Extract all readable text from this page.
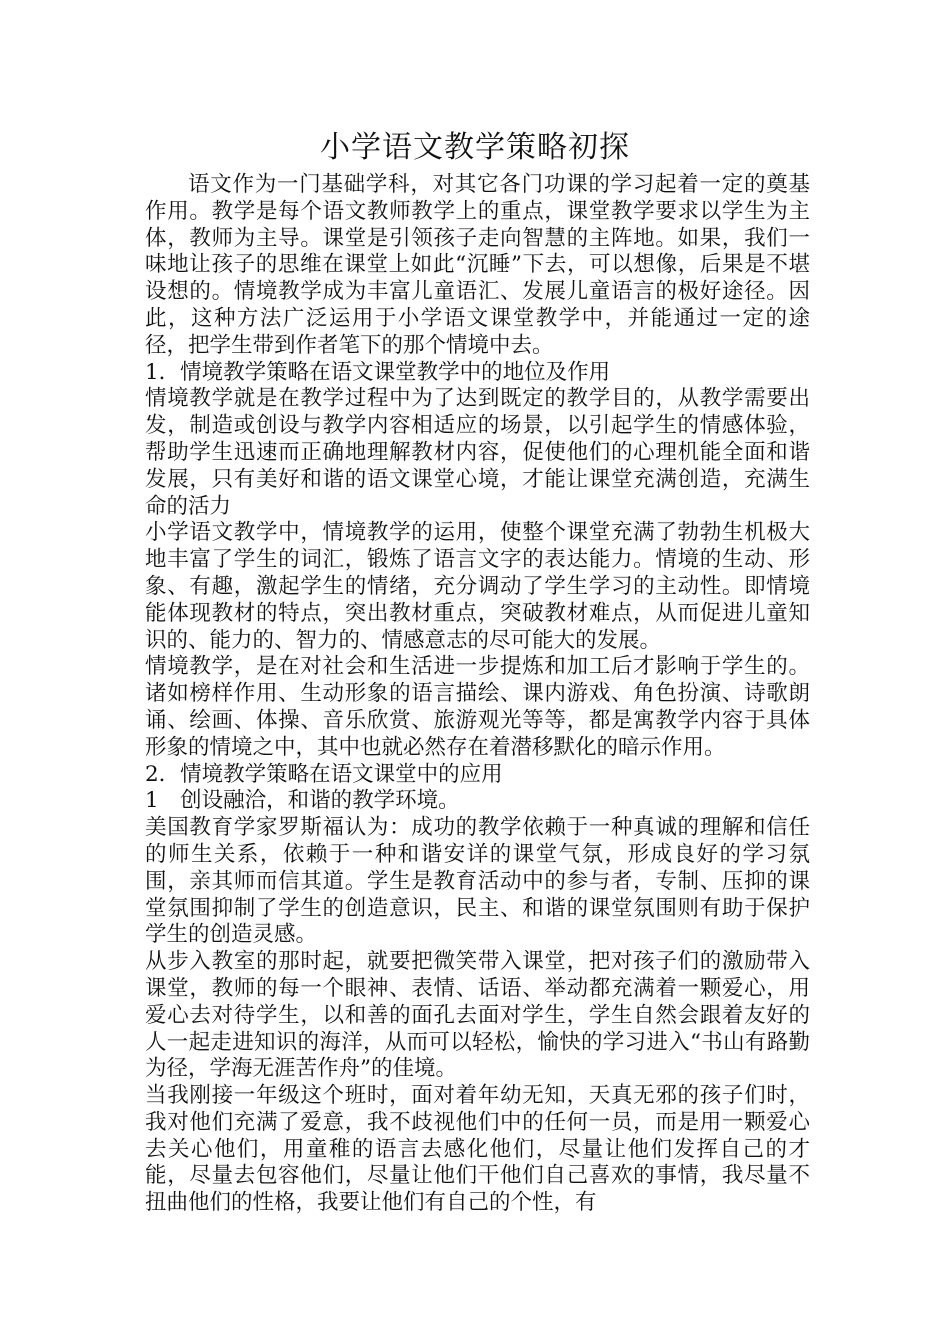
小学语文教学策略初探

语文作为一门基础学科，对其它各门功课的学习起着一定的奠基作用。教学是每个语文教师教学上的重点，课堂教学要求以学生为主体，教师为主导。课堂是引领孩子走向智慧的主阵地。如果，我们一味地让孩子的思维在课堂上如此“沉睡”下去，可以想像，后果是不堪设想的。情境教学成为丰富儿童语汇、发展儿童语言的极好途径。因此，这种方法广泛运用于小学语文课堂教学中，并能通过一定的途径，把学生带到作者笔下的那个情境中去。

1．情境教学策略在语文课堂教学中的地位及作用

情境教学就是在教学过程中为了达到既定的教学目的，从教学需要出发，制造或创设与教学内容相适应的场景，以引起学生的情感体验，帮助学生迅速而正确地理解教材内容，促使他们的心理机能全面和谐发展，只有美好和谐的语文课堂心境，才能让课堂充满创造，充满生命的活力

小学语文教学中，情境教学的运用，使整个课堂充满了勃勃生机极大地丰富了学生的词汇，锻炼了语言文字的表达能力。情境的生动、形象、有趣，激起学生的情绪，充分调动了学生学习的主动性。即情境能体现教材的特点，突出教材重点，突破教材难点，从而促进儿童知识的、能力的、智力的、情感意志的尽可能大的发展。

情境教学，是在对社会和生活进一步提炼和加工后才影响于学生的。诸如榜样作用、生动形象的语言描绘、课内游戏、角色扮演、诗歌朗诵、绘画、体操、音乐欣赏、旅游观光等等，都是寓教学内容于具体形象的情境之中，其中也就必然存在着潜移默化的暗示作用。

2．情境教学策略在语文课堂中的应用

1　创设融洽，和谐的教学环境。

美国教育学家罗斯福认为：成功的教学依赖于一种真诚的理解和信任的师生关系，依赖于一种和谐安详的课堂气氛，形成良好的学习氛围，亲其师而信其道。学生是教育活动中的参与者，专制、压抑的课堂氛围抑制了学生的创造意识，民主、和谐的课堂氛围则有助于保护学生的创造灵感。

从步入教室的那时起，就要把微笑带入课堂，把对孩子们的激励带入课堂，教师的每一个眼神、表情、话语、举动都充满着一颗爱心，用爱心去对待学生，以和善的面孔去面对学生，学生自然会跟着友好的人一起走进知识的海洋，从而可以轻松，愉快的学习进入“书山有路勤为径，学海无涯苦作舟”的佳境。

当我刚接一年级这个班时，面对着年幼无知，天真无邪的孩子们时，我对他们充满了爱意，我不歧视他们中的任何一员，而是用一颗爱心去关心他们，用童稚的语言去感化他们，尽量让他们发挥自己的才能，尽量去包容他们，尽量让他们干他们自己喜欢的事情，我尽量不扭曲他们的性格，我要让他们有自己的个性，有
